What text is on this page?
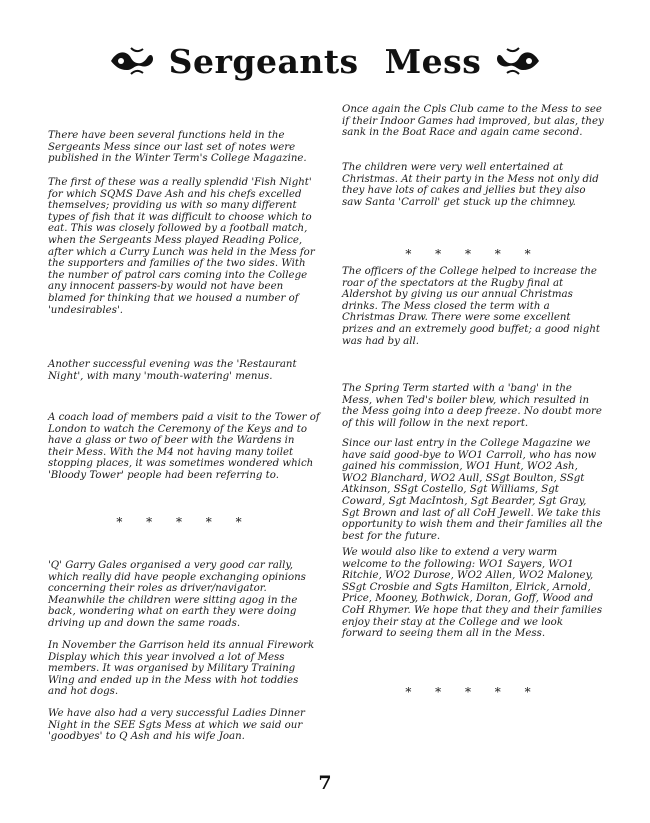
Sergeants Mess

There have been several functions held in the Sergeants Mess since our last set of notes were published in the Winter Term's College Magazine.

The first of these was a really splendid 'Fish Night' for which SQMS Dave Ash and his chefs excelled themselves; providing us with so many different types of fish that it was difficult to choose which to eat. This was closely followed by a football match, when the Sergeants Mess played Reading Police, after which a Curry Lunch was held in the Mess for the supporters and families of the two sides. With the number of patrol cars coming into the College any innocent passers-by would not have been blamed for thinking that we housed a number of 'undesirables'.

Another successful evening was the 'Restaurant Night', with many 'mouth-watering' menus.

A coach load of members paid a visit to the Tower of London to watch the Ceremony of the Keys and to have a glass or two of beer with the Wardens in their Mess. With the M4 not having many toilet stopping places, it was sometimes wondered which 'Bloody Tower' people had been referring to.

* * * * *

'Q' Garry Gales organised a very good car rally, which really did have people exchanging opinions concerning their roles as driver/navigator. Meanwhile the children were sitting agog in the back, wondering what on earth they were doing driving up and down the same roads.

In November the Garrison held its annual Firework Display which this year involved a lot of Mess members. It was organised by Military Training Wing and ended up in the Mess with hot toddies and hot dogs.

We have also had a very successful Ladies Dinner Night in the SEE Sgts Mess at which we said our 'goodbyes' to Q Ash and his wife Joan.

Once again the Cpls Club came to the Mess to see if their Indoor Games had improved, but alas, they sank in the Boat Race and again came second.

The children were very well entertained at Christmas. At their party in the Mess not only did they have lots of cakes and jellies but they also saw Santa 'Carroll' get stuck up the chimney.

* * * * *

The officers of the College helped to increase the roar of the spectators at the Rugby final at Aldershot by giving us our annual Christmas drinks. The Mess closed the term with a Christmas Draw. There were some excellent prizes and an extremely good buffet; a good night was had by all.

The Spring Term started with a 'bang' in the Mess, when Ted's boiler blew, which resulted in the Mess going into a deep freeze. No doubt more of this will follow in the next report.

Since our last entry in the College Magazine we have said good-bye to WO1 Carroll, who has now gained his commission, WO1 Hunt, WO2 Ash, WO2 Blanchard, WO2 Aull, SSgt Boulton, SSgt Atkinson, SSgt Costello, Sgt Williams, Sgt Coward, Sgt MacIntosh, Sgt Bearder, Sgt Gray, Sgt Brown and last of all CoH Jewell. We take this opportunity to wish them and their families all the best for the future.

We would also like to extend a very warm welcome to the following: WO1 Sayers, WO1 Ritchie, WO2 Durose, WO2 Allen, WO2 Maloney, SSgt Crosbie and Sgts Hamilton, Elrick, Arnold, Price, Mooney, Bothwick, Doran, Goff, Wood and CoH Rhymer. We hope that they and their families enjoy their stay at the College and we look forward to seeing them all in the Mess.

* * * * *
7
